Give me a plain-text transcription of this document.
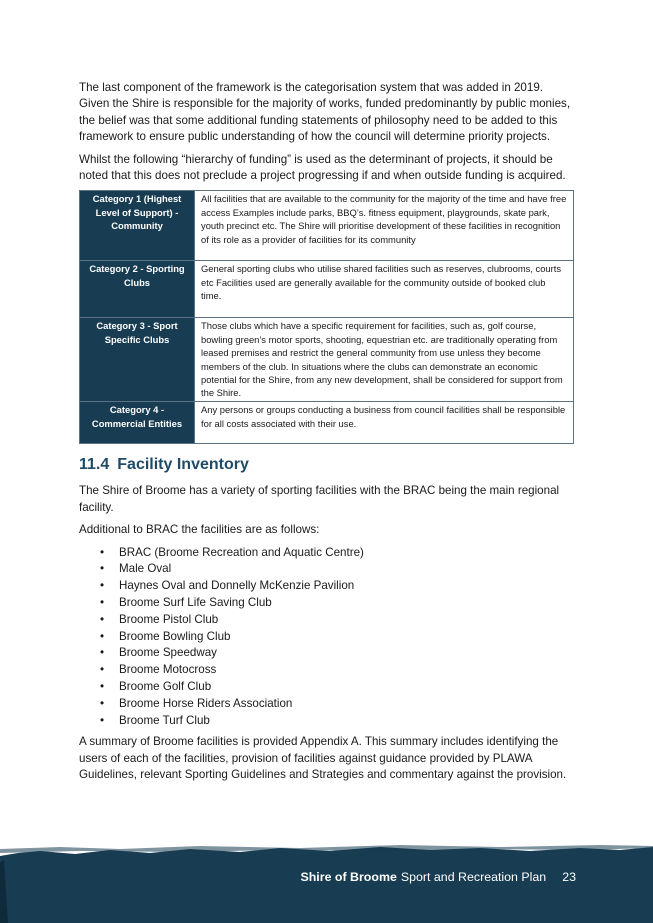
The last component of the framework is the categorisation system that was added in 2019. Given the Shire is responsible for the majority of works, funded predominantly by public monies, the belief was that some additional funding statements of philosophy need to be added to this framework to ensure public understanding of how the council will determine priority projects.

Whilst the following “hierarchy of funding” is used as the determinant of projects, it should be noted that this does not preclude a project progressing if and when outside funding is acquired.

Category 1 (Highest Level of Support) - Community	All facilities that are available to the community for the majority of the time and have free access Examples include parks, BBQ’s. fitness equipment, playgrounds, skate park, youth precinct etc. The Shire will prioritise development of these facilities in recognition of its role as a provider of facilities for its community
Category 2 - Sporting Clubs	General sporting clubs who utilise shared facilities such as reserves, clubrooms, courts etc Facilities used are generally available for the community outside of booked club time.
Category 3 - Sport Specific Clubs	Those clubs which have a specific requirement for facilities, such as, golf course, bowling green’s motor sports, shooting, equestrian etc. are traditionally operating from leased premises and restrict the general community from use unless they become members of the club. In situations where the clubs can demonstrate an economic potential for the Shire, from any new development, shall be considered for support from the Shire.
Category 4 - Commercial Entities	Any persons or groups conducting a business from council facilities shall be responsible for all costs associated with their use.
11.4 Facility Inventory

The Shire of Broome has a variety of sporting facilities with the BRAC being the main regional facility.

Additional to BRAC the facilities are as follows:

• BRAC (Broome Recreation and Aquatic Centre)
• Male Oval
• Haynes Oval and Donnelly McKenzie Pavilion
• Broome Surf Life Saving Club
• Broome Pistol Club
• Broome Bowling Club
• Broome Speedway
• Broome Motocross
• Broome Golf Club
• Broome Horse Riders Association
• Broome Turf Club

A summary of Broome facilities is provided Appendix A. This summary includes identifying the users of each of the facilities, provision of facilities against guidance provided by PLAWA Guidelines, relevant Sporting Guidelines and Strategies and commentary against the provision.

Shire of Broome Sport and Recreation Plan 23
